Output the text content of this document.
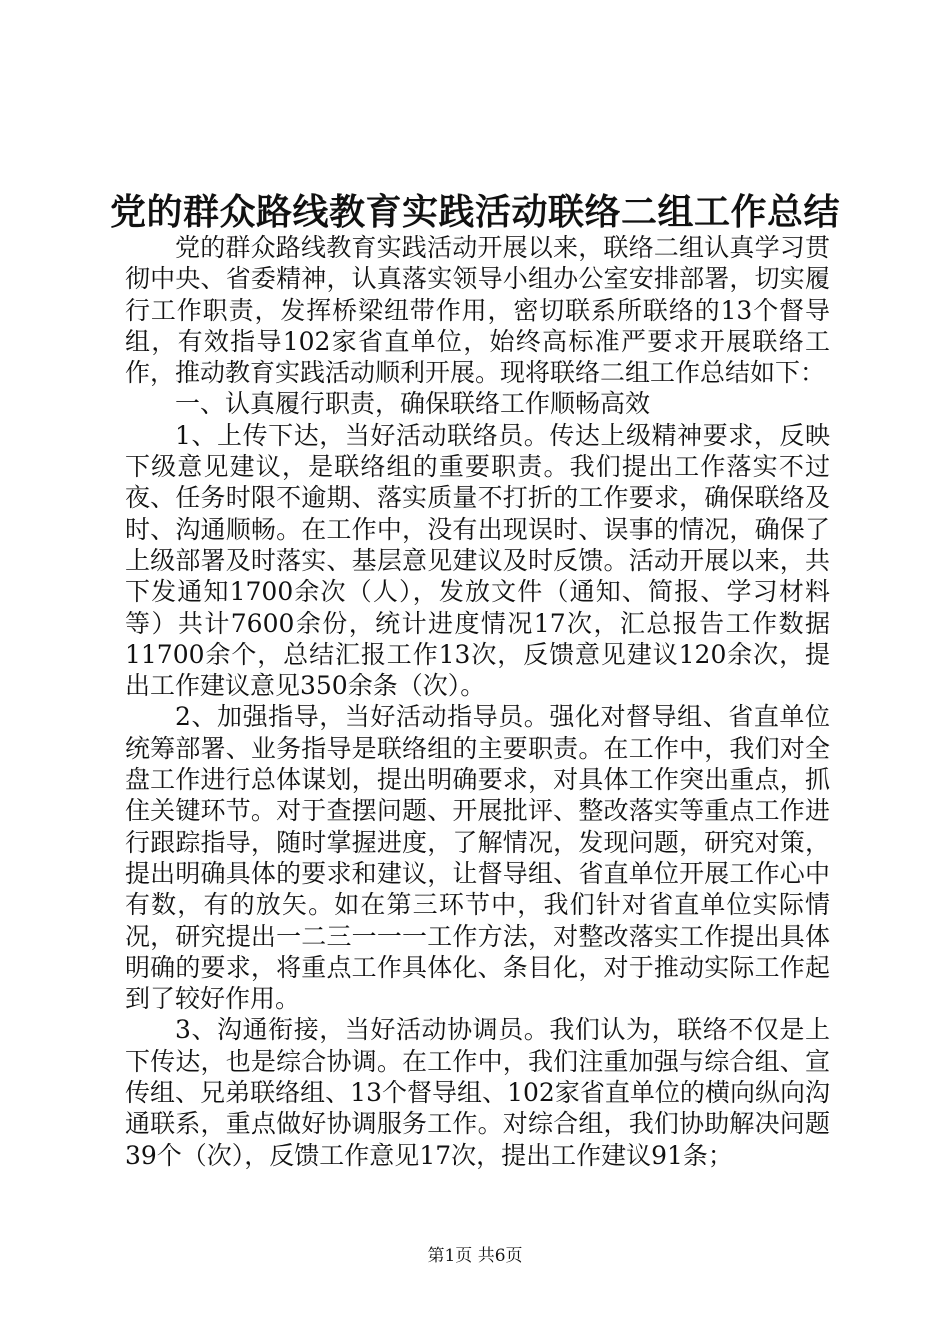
党的群众路线教育实践活动联络二组工作总结

党的群众路线教育实践活动开展以来，联络二组认真学习贯彻中央、省委精神，认真落实领导小组办公室安排部署，切实履行工作职责，发挥桥梁纽带作用，密切联系所联络的13个督导组，有效指导102家省直单位，始终高标准严要求开展联络工作，推动教育实践活动顺利开展。现将联络二组工作总结如下：

一、认真履行职责，确保联络工作顺畅高效

1、上传下达，当好活动联络员。传达上级精神要求，反映下级意见建议，是联络组的重要职责。我们提出工作落实不过夜、任务时限不逾期、落实质量不打折的工作要求，确保联络及时、沟通顺畅。在工作中，没有出现误时、误事的情况，确保了上级部署及时落实、基层意见建议及时反馈。活动开展以来，共下发通知1700余次（人），发放文件（通知、简报、学习材料等）共计7600余份，统计进度情况17次，汇总报告工作数据11700余个，总结汇报工作13次，反馈意见建议120余次，提出工作建议意见350余条（次）。

2、加强指导，当好活动指导员。强化对督导组、省直单位统筹部署、业务指导是联络组的主要职责。在工作中，我们对全盘工作进行总体谋划，提出明确要求，对具体工作突出重点，抓住关键环节。对于查摆问题、开展批评、整改落实等重点工作进行跟踪指导，随时掌握进度，了解情况，发现问题，研究对策，提出明确具体的要求和建议，让督导组、省直单位开展工作心中有数，有的放矢。如在第三环节中，我们针对省直单位实际情况，研究提出一二三一一一工作方法，对整改落实工作提出具体明确的要求，将重点工作具体化、条目化，对于推动实际工作起到了较好作用。

3、沟通衔接，当好活动协调员。我们认为，联络不仅是上下传达，也是综合协调。在工作中，我们注重加强与综合组、宣传组、兄弟联络组、13个督导组、102家省直单位的横向纵向沟通联系，重点做好协调服务工作。对综合组，我们协助解决问题39个（次），反馈工作意见17次，提出工作建议91条；

第1页 共6页
